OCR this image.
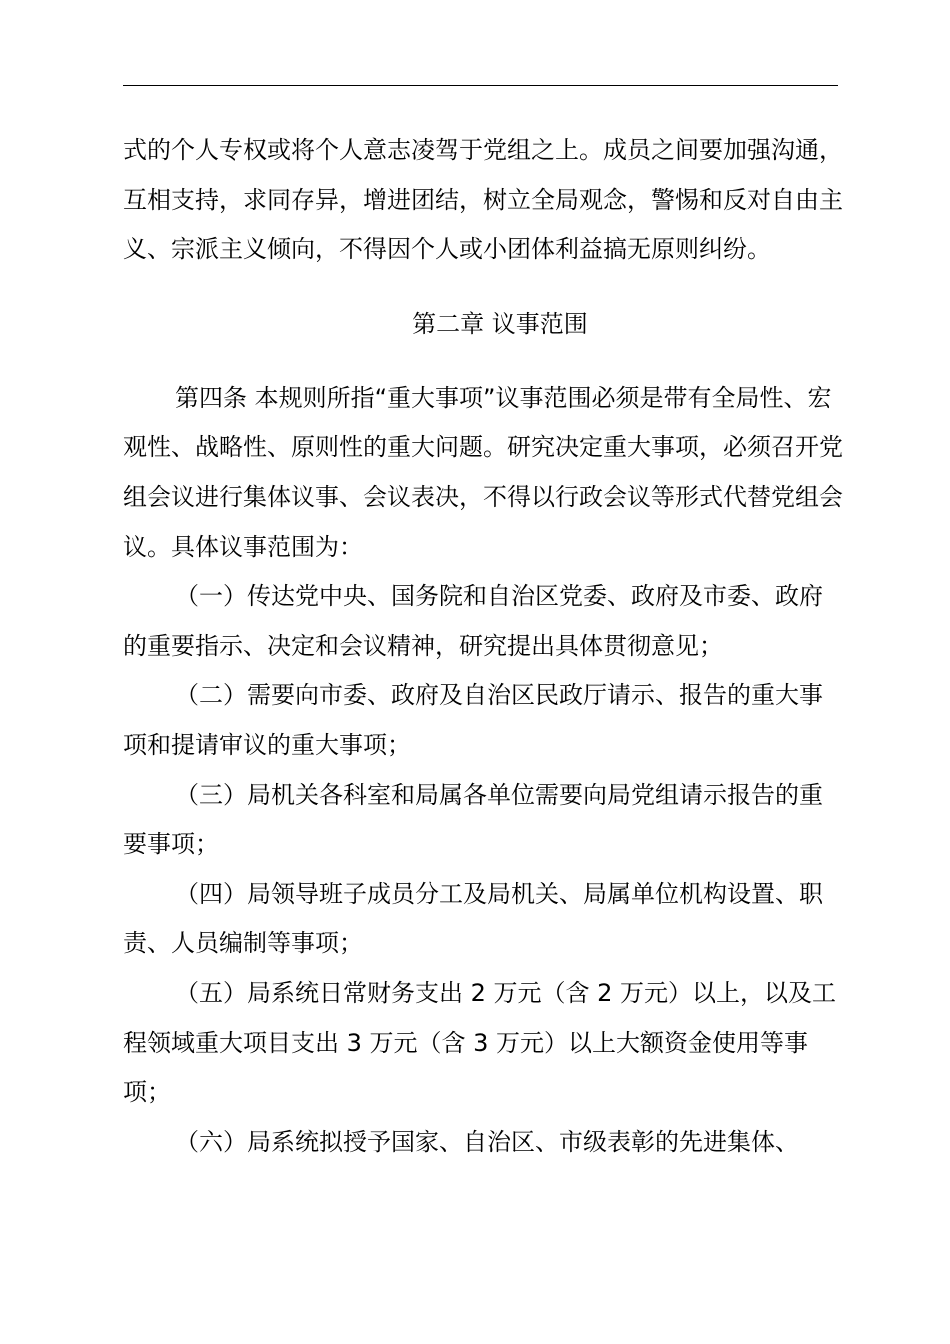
式的个人专权或将个人意志凌驾于党组之上。成员之间要加强沟通，互相支持，求同存异，增进团结，树立全局观念，警惕和反对自由主义、宗派主义倾向，不得因个人或小团体利益搞无原则纠纷。

第二章 议事范围

第四条 本规则所指“重大事项”议事范围必须是带有全局性、宏观性、战略性、原则性的重大问题。研究决定重大事项，必须召开党组会议进行集体议事、会议表决，不得以行政会议等形式代替党组会议。具体议事范围为：

（一）传达党中央、国务院和自治区党委、政府及市委、政府的重要指示、决定和会议精神，研究提出具体贯彻意见；

（二）需要向市委、政府及自治区民政厅请示、报告的重大事项和提请审议的重大事项；

（三）局机关各科室和局属各单位需要向局党组请示报告的重要事项；

（四）局领导班子成员分工及局机关、局属单位机构设置、职责、人员编制等事项；

（五）局系统日常财务支出 2 万元（含 2 万元）以上，以及工程领域重大项目支出 3 万元（含 3 万元）以上大额资金使用等事项；

（六）局系统拟授予国家、自治区、市级表彰的先进集体、
